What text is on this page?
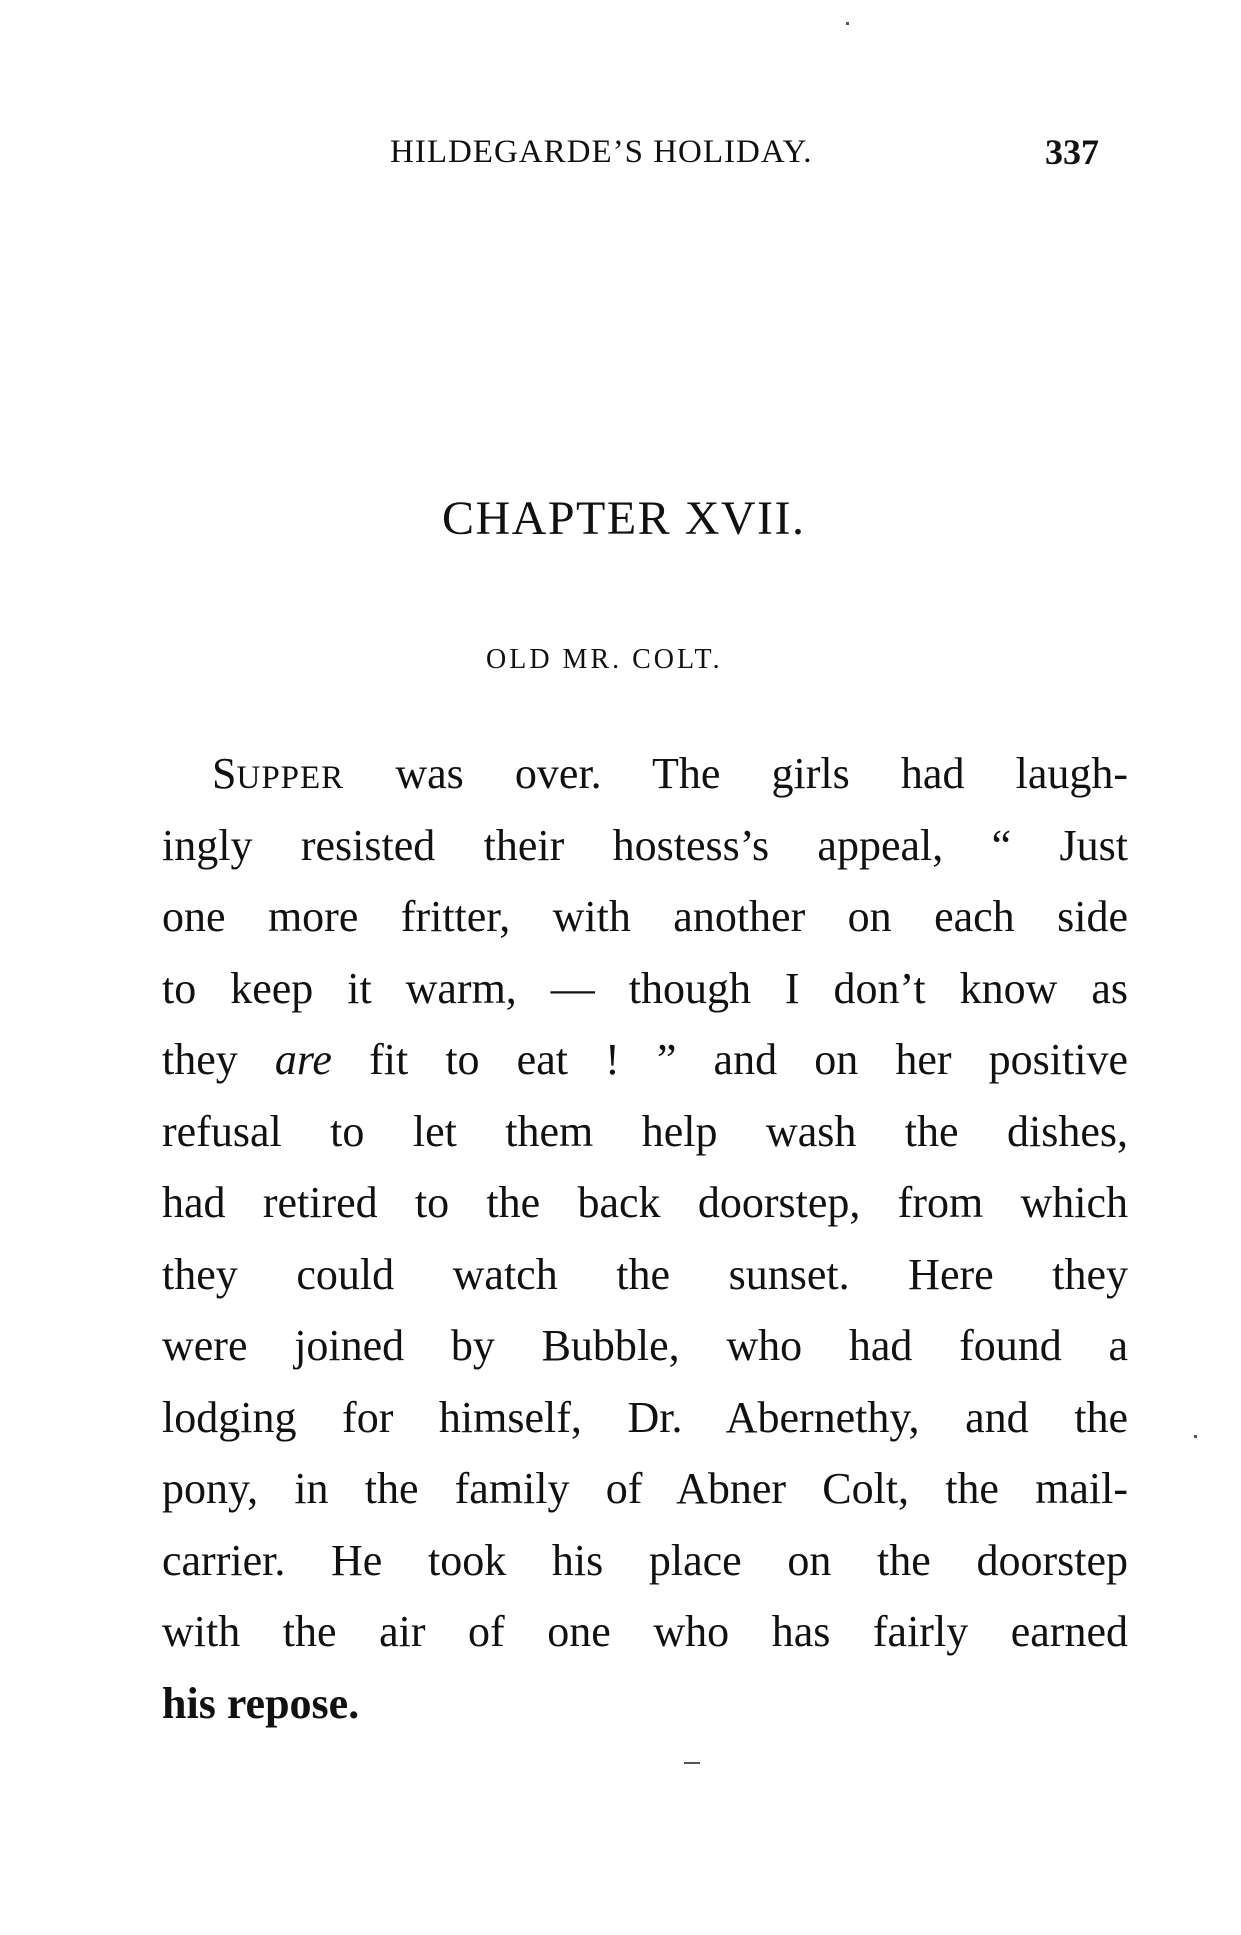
HILDEGARDE’S HOLIDAY.	337
CHAPTER XVII.
OLD MR. COLT.
SUPPER was over. The girls had laugh-
ingly resisted their hostess’s appeal, “ Just
one more fritter, with another on each side
to keep it warm, — though I don’t know as
they are fit to eat ! ” and on her positive
refusal to let them help wash the dishes,
had retired to the back doorstep, from which
they could watch the sunset. Here they
were joined by Bubble, who had found a
lodging for himself, Dr. Abernethy, and the
pony, in the family of Abner Colt, the mail-
carrier. He took his place on the doorstep
with the air of one who has fairly earned
his repose.
